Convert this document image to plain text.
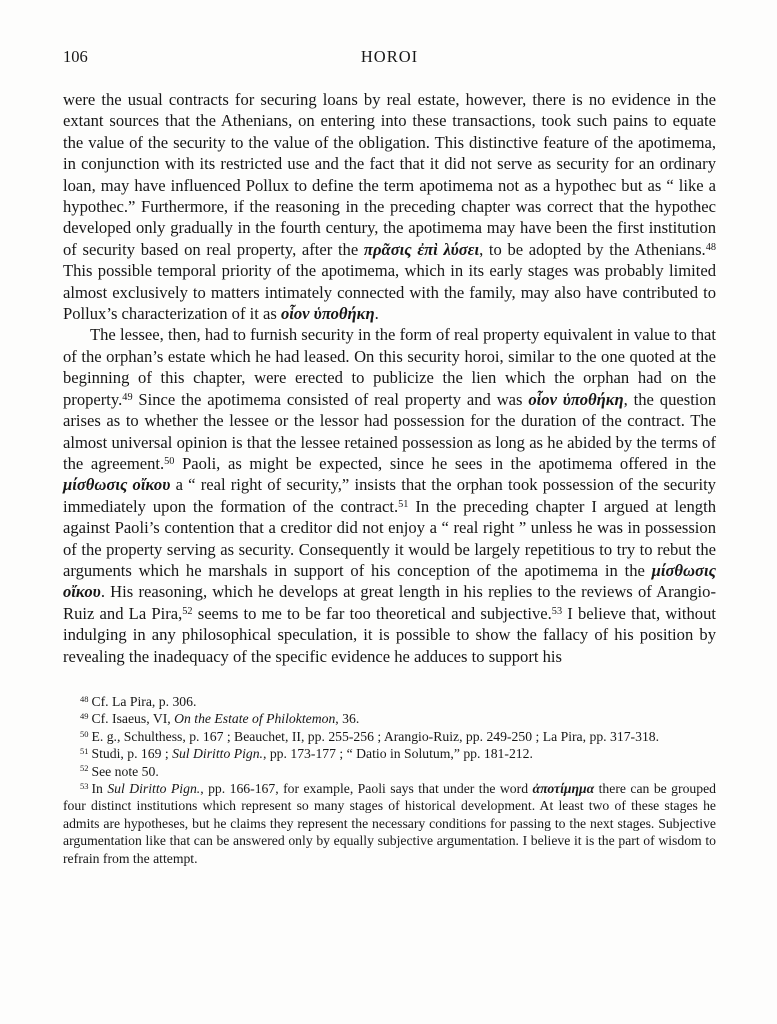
106	HOROI

were the usual contracts for securing loans by real estate, however, there is no evidence in the extant sources that the Athenians, on entering into these transactions, took such pains to equate the value of the security to the value of the obligation. This distinctive feature of the apotimema, in conjunction with its restricted use and the fact that it did not serve as security for an ordinary loan, may have influenced Pollux to define the term apotimema not as a hypothec but as “ like a hypothec.” Furthermore, if the reasoning in the preceding chapter was correct that the hypothec developed only gradually in the fourth century, the apotimema may have been the first institution of security based on real property, after the πρᾶσις ἐπὶ λύσει, to be adopted by the Athenians.$^{48}$ This possible temporal priority of the apotimema, which in its early stages was probably limited almost exclusively to matters intimately connected with the family, may also have contributed to Pollux’s characterization of it as οἷον ὑποθήκη.

The lessee, then, had to furnish security in the form of real property equivalent in value to that of the orphan’s estate which he had leased. On this security horoi, similar to the one quoted at the beginning of this chapter, were erected to publicize the lien which the orphan had on the property.$^{49}$ Since the apotimema consisted of real property and was οἷον ὑποθήκη, the question arises as to whether the lessee or the lessor had possession for the duration of the contract. The almost universal opinion is that the lessee retained possession as long as he abided by the terms of the agreement.$^{50}$ Paoli, as might be expected, since he sees in the apotimema offered in the μίσθωσις οἴκου a “ real right of security,” insists that the orphan took possession of the security immediately upon the formation of the contract.$^{51}$ In the preceding chapter I argued at length against Paoli’s contention that a creditor did not enjoy a “ real right ” unless he was in possession of the property serving as security. Consequently it would be largely repetitious to try to rebut the arguments which he marshals in support of his conception of the apotimema in the μίσθωσις οἴκου. His reasoning, which he develops at great length in his replies to the reviews of Arangio-Ruiz and La Pira,$^{52}$ seems to me to be far too theoretical and subjective.$^{53}$ I believe that, without indulging in any philosophical speculation, it is possible to show the fallacy of his position by revealing the inadequacy of the specific evidence he adduces to support his

$^{48}$ Cf. La Pira, p. 306.

$^{49}$ Cf. Isaeus, VI, On the Estate of Philoktemon, 36.

$^{50}$ E. g., Schulthess, p. 167 ; Beauchet, II, pp. 255-256 ; Arangio-Ruiz, pp. 249-250 ; La Pira, pp. 317-318.

$^{51}$ Studi, p. 169 ; Sul Diritto Pign., pp. 173-177 ; “ Datio in Solutum,” pp. 181-212.

$^{52}$ See note 50.

$^{53}$ In Sul Diritto Pign., pp. 166-167, for example, Paoli says that under the word ἀποτίμημα there can be grouped four distinct institutions which represent so many stages of historical development. At least two of these stages he admits are hypotheses, but he claims they represent the necessary conditions for passing to the next stages. Subjective argumentation like that can be answered only by equally subjective argumentation. I believe it is the part of wisdom to refrain from the attempt.
